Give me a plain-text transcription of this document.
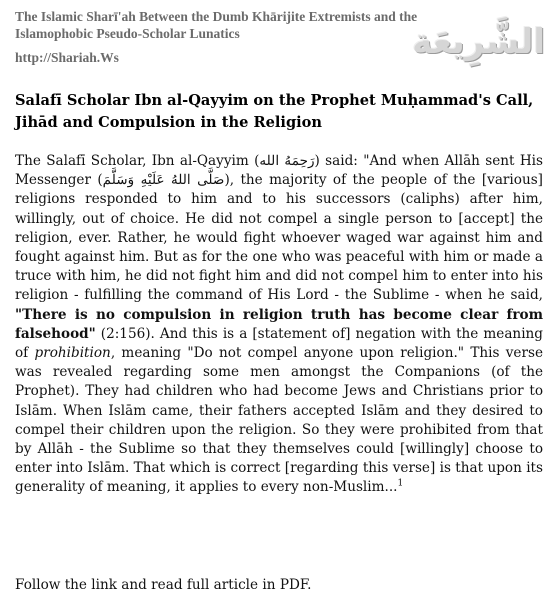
The Islamic Sharī'ah Between the Dumb Khārijite Extremists and the Islamophobic Pseudo-Scholar Lunatics
http://Shariah.Ws	الشَّرِيعَة
Salafī Scholar Ibn al-Qayyim on the Prophet Muḥammad's Call, Jihād and Compulsion in the Religion
The Salafī Scholar, Ibn al-Qayyim (رَحِمَهُ الله) said: "And when Allāh sent His Messenger (صَلَّى اللهُ عَلَيْهِ وَسَلَّمَ), the majority of the people of the [various] religions responded to him and to his successors (caliphs) after him, willingly, out of choice. He did not compel a single person to [accept] the religion, ever. Rather, he would fight whoever waged war against him and fought against him. But as for the one who was peaceful with him or made a truce with him, he did not fight him and did not compel him to enter into his religion - fulfilling the command of His Lord - the Sublime - when he said, "There is no compulsion in religion truth has become clear from falsehood" (2:156). And this is a [statement of] negation with the meaning of prohibition, meaning "Do not compel anyone upon religion." This verse was revealed regarding some men amongst the Companions (of the Prophet). They had children who had become Jews and Christians prior to Islām. When Islām came, their fathers accepted Islām and they desired to compel their children upon the religion. So they were prohibited from that by Allāh - the Sublime so that they themselves could [willingly] choose to enter into Islām. That which is correct [regarding this verse] is that upon its generality of meaning, it applies to every non-Muslim...$^1$
Follow the link and read full article in PDF.
